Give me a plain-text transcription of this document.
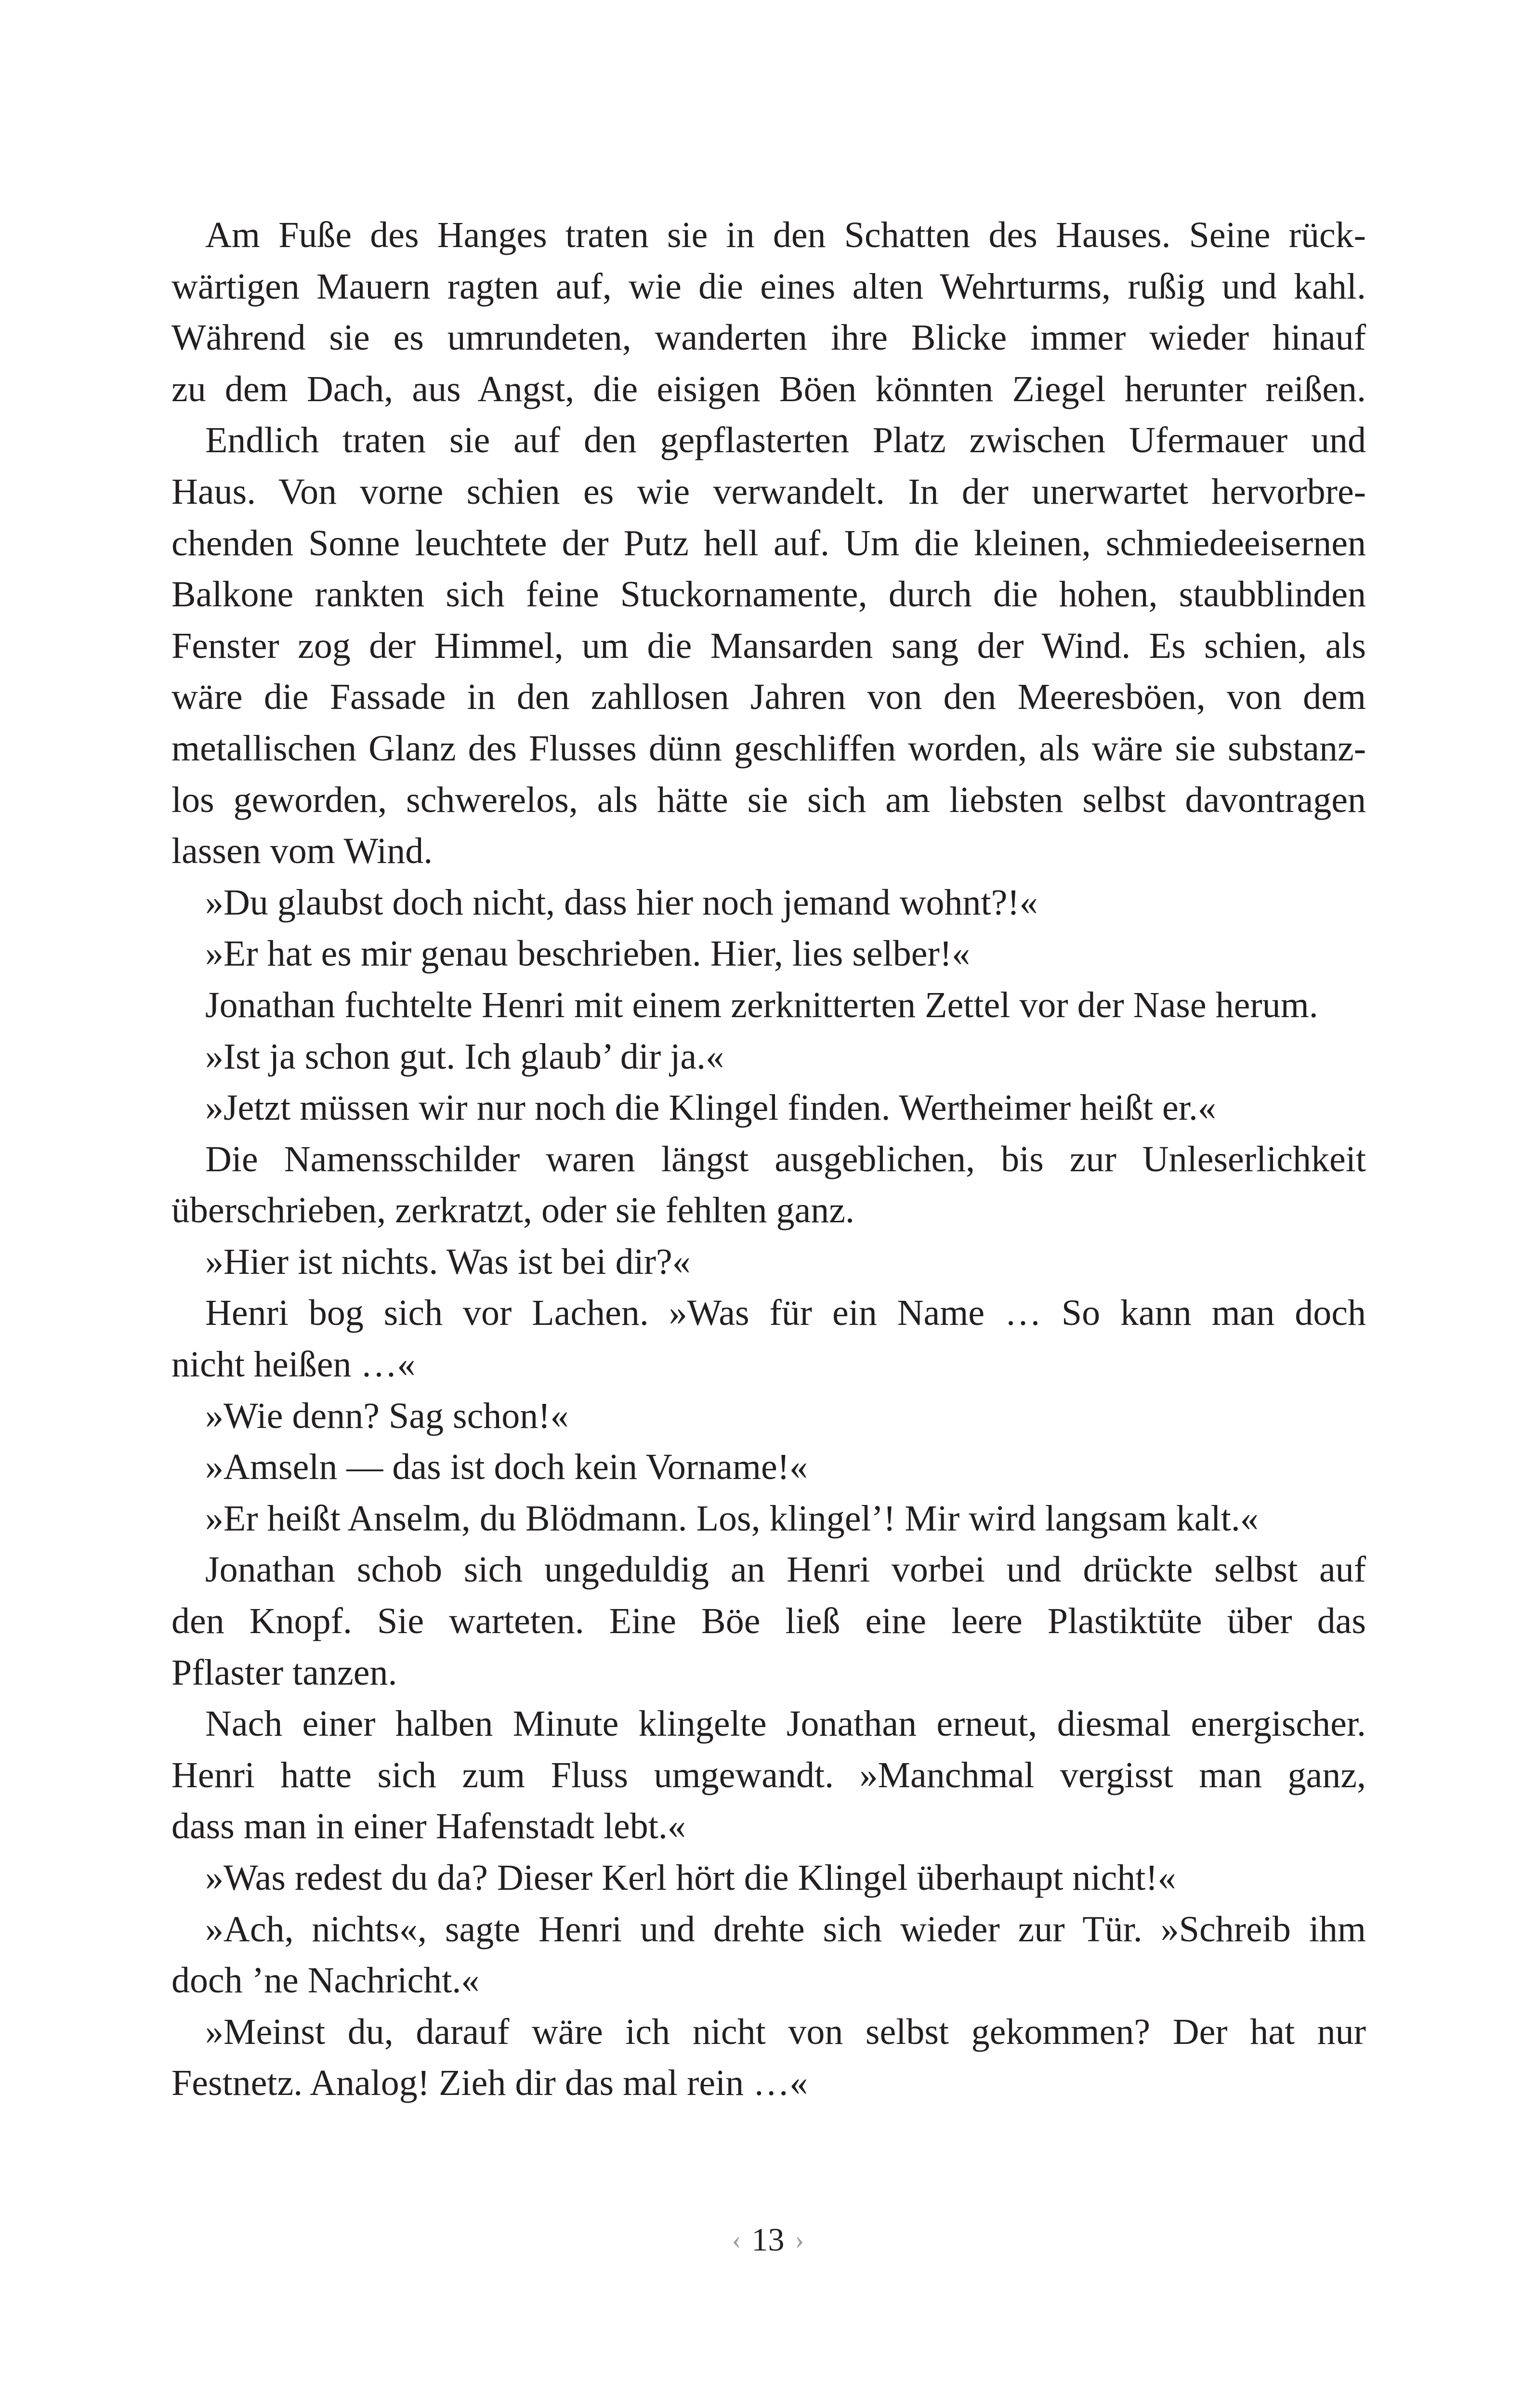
Am Fuße des Hanges traten sie in den Schatten des Hauses. Seine rück-
wärtigen Mauern ragten auf, wie die eines alten Wehrturms, rußig und kahl.
Während sie es umrundeten, wanderten ihre Blicke immer wieder hinauf
zu dem Dach, aus Angst, die eisigen Böen könnten Ziegel herunter reißen.
Endlich traten sie auf den gepflasterten Platz zwischen Ufermauer und
Haus. Von vorne schien es wie verwandelt. In der unerwartet hervorbre-
chenden Sonne leuchtete der Putz hell auf. Um die kleinen, schmiedeeisernen
Balkone rankten sich feine Stuckornamente, durch die hohen, staubblinden
Fenster zog der Himmel, um die Mansarden sang der Wind. Es schien, als
wäre die Fassade in den zahllosen Jahren von den Meeresböen, von dem
metallischen Glanz des Flusses dünn geschliffen worden, als wäre sie substanz-
los geworden, schwerelos, als hätte sie sich am liebsten selbst davontragen
lassen vom Wind.
»Du glaubst doch nicht, dass hier noch jemand wohnt?!«
»Er hat es mir genau beschrieben. Hier, lies selber!«
Jonathan fuchtelte Henri mit einem zerknitterten Zettel vor der Nase herum.
»Ist ja schon gut. Ich glaub’ dir ja.«
»Jetzt müssen wir nur noch die Klingel finden. Wertheimer heißt er.«
Die Namensschilder waren längst ausgeblichen, bis zur Unleserlichkeit
überschrieben, zerkratzt, oder sie fehlten ganz.
»Hier ist nichts. Was ist bei dir?«
Henri bog sich vor Lachen. »Was für ein Name … So kann man doch
nicht heißen …«
»Wie denn? Sag schon!«
»Amseln — das ist doch kein Vorname!«
»Er heißt Anselm, du Blödmann. Los, klingel’! Mir wird langsam kalt.«
Jonathan schob sich ungeduldig an Henri vorbei und drückte selbst auf
den Knopf. Sie warteten. Eine Böe ließ eine leere Plastiktüte über das
Pflaster tanzen.
Nach einer halben Minute klingelte Jonathan erneut, diesmal energischer.
Henri hatte sich zum Fluss umgewandt. »Manchmal vergisst man ganz,
dass man in einer Hafenstadt lebt.«
»Was redest du da? Dieser Kerl hört die Klingel überhaupt nicht!«
»Ach, nichts«, sagte Henri und drehte sich wieder zur Tür. »Schreib ihm
doch ’ne Nachricht.«
»Meinst du, darauf wäre ich nicht von selbst gekommen? Der hat nur
Festnetz. Analog! Zieh dir das mal rein …«
‹ 13 ›
